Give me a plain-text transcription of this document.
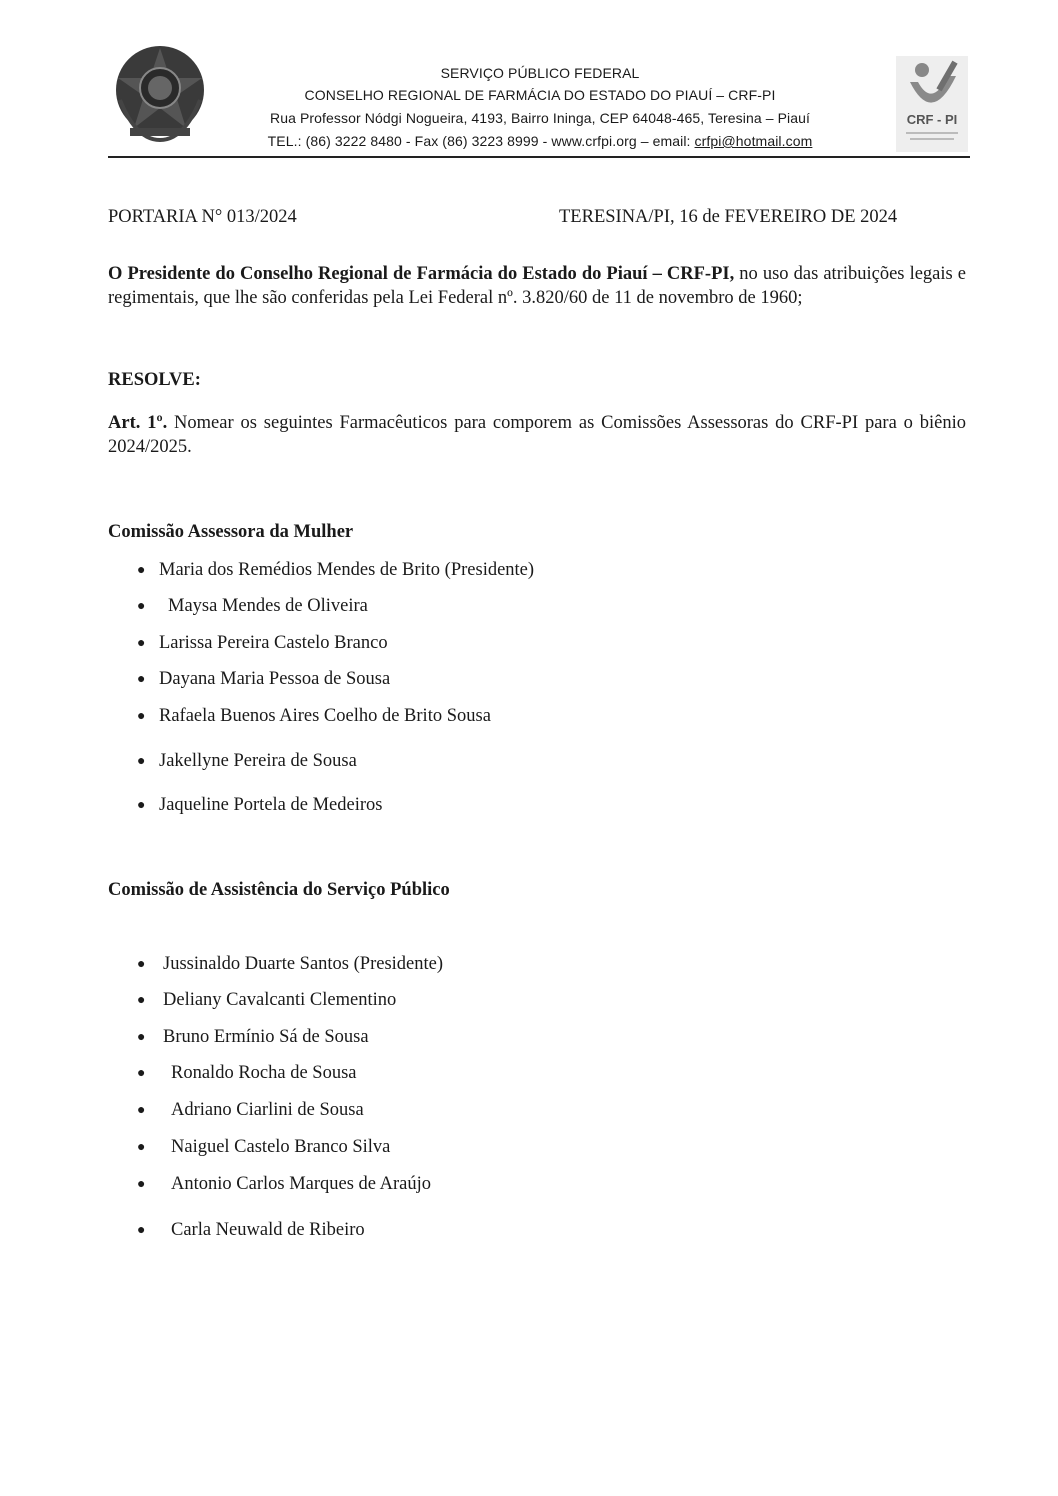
SERVIÇO PÚBLICO FEDERAL
CONSELHO REGIONAL DE FARMÁCIA DO ESTADO DO PIAUÍ – CRF-PI
Rua Professor Nódgi Nogueira, 4193, Bairro Ininga, CEP 64048-465, Teresina – Piauí
TEL.: (86) 3222 8480 - Fax (86) 3223 8999 - www.crfpi.org – email: crfpi@hotmail.com
CRF - PI
PORTARIA N° 013/2024	TERESINA/PI, 16 de FEVEREIRO DE 2024
O Presidente do Conselho Regional de Farmácia do Estado do Piauí – CRF-PI, no uso das atribuições legais e regimentais, que lhe são conferidas pela Lei Federal nº. 3.820/60 de 11 de novembro de 1960;
RESOLVE:
Art. 1º. Nomear os seguintes Farmacêuticos para comporem as Comissões Assessoras do CRF-PI para o biênio 2024/2025.
Comissão Assessora da Mulher
● Maria dos Remédios Mendes de Brito (Presidente)
● Maysa Mendes de Oliveira
● Larissa Pereira Castelo Branco
● Dayana Maria Pessoa de Sousa
● Rafaela Buenos Aires Coelho de Brito Sousa
● Jakellyne Pereira de Sousa
● Jaqueline Portela de Medeiros
Comissão de Assistência do Serviço Público
● Jussinaldo Duarte Santos (Presidente)
● Deliany Cavalcanti Clementino
● Bruno Ermínio Sá de Sousa
● Ronaldo Rocha de Sousa
● Adriano Ciarlini de Sousa
● Naiguel Castelo Branco Silva
● Antonio Carlos Marques de Araújo
● Carla Neuwald de Ribeiro
